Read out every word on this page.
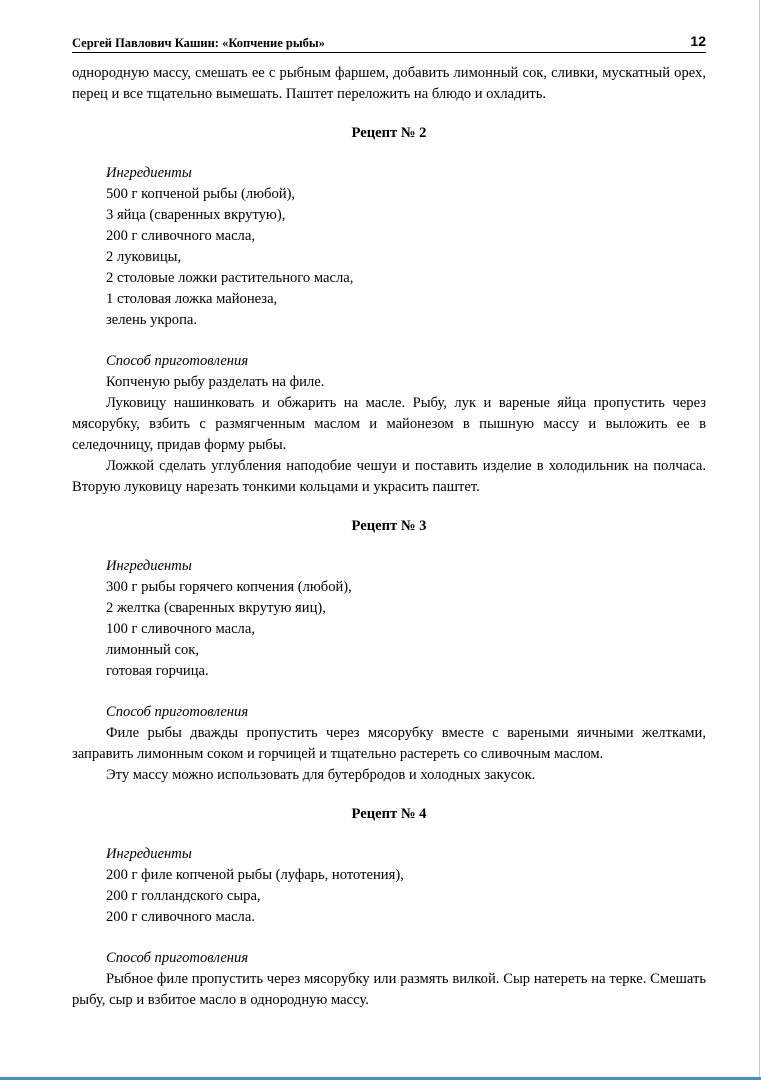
Сергей Павлович Кашин: «Копчение рыбы»	12

однородную массу, смешать ее с рыбным фаршем, добавить лимонный сок, сливки, мускатный орех, перец и все тщательно вымешать. Паштет переложить на блюдо и охладить.

Рецепт № 2

Ингредиенты

500 г копченой рыбы (любой),

3 яйца (сваренных вкрутую),

200 г сливочного масла,

2 луковицы,

2 столовые ложки растительного масла,

1 столовая ложка майонеза,

зелень укропа.

Способ приготовления

Копченую рыбу разделать на филе.

Луковицу нашинковать и обжарить на масле. Рыбу, лук и вареные яйца пропустить через мясорубку, взбить с размягченным маслом и майонезом в пышную массу и выложить ее в селедочницу, придав форму рыбы.

Ложкой сделать углубления наподобие чешуи и поставить изделие в холодильник на полчаса. Вторую луковицу нарезать тонкими кольцами и украсить паштет.

Рецепт № 3

Ингредиенты

300 г рыбы горячего копчения (любой),

2 желтка (сваренных вкрутую яиц),

100 г сливочного масла,

лимонный сок,

готовая горчица.

Способ приготовления

Филе рыбы дважды пропустить через мясорубку вместе с вареными яичными желтками, заправить лимонным соком и горчицей и тщательно растереть со сливочным маслом.

Эту массу можно использовать для бутербродов и холодных закусок.

Рецепт № 4

Ингредиенты

200 г филе копченой рыбы (луфарь, нототения),

200 г голландского сыра,

200 г сливочного масла.

Способ приготовления

Рыбное филе пропустить через мясорубку или размять вилкой. Сыр натереть на терке. Смешать рыбу, сыр и взбитое масло в однородную массу.
